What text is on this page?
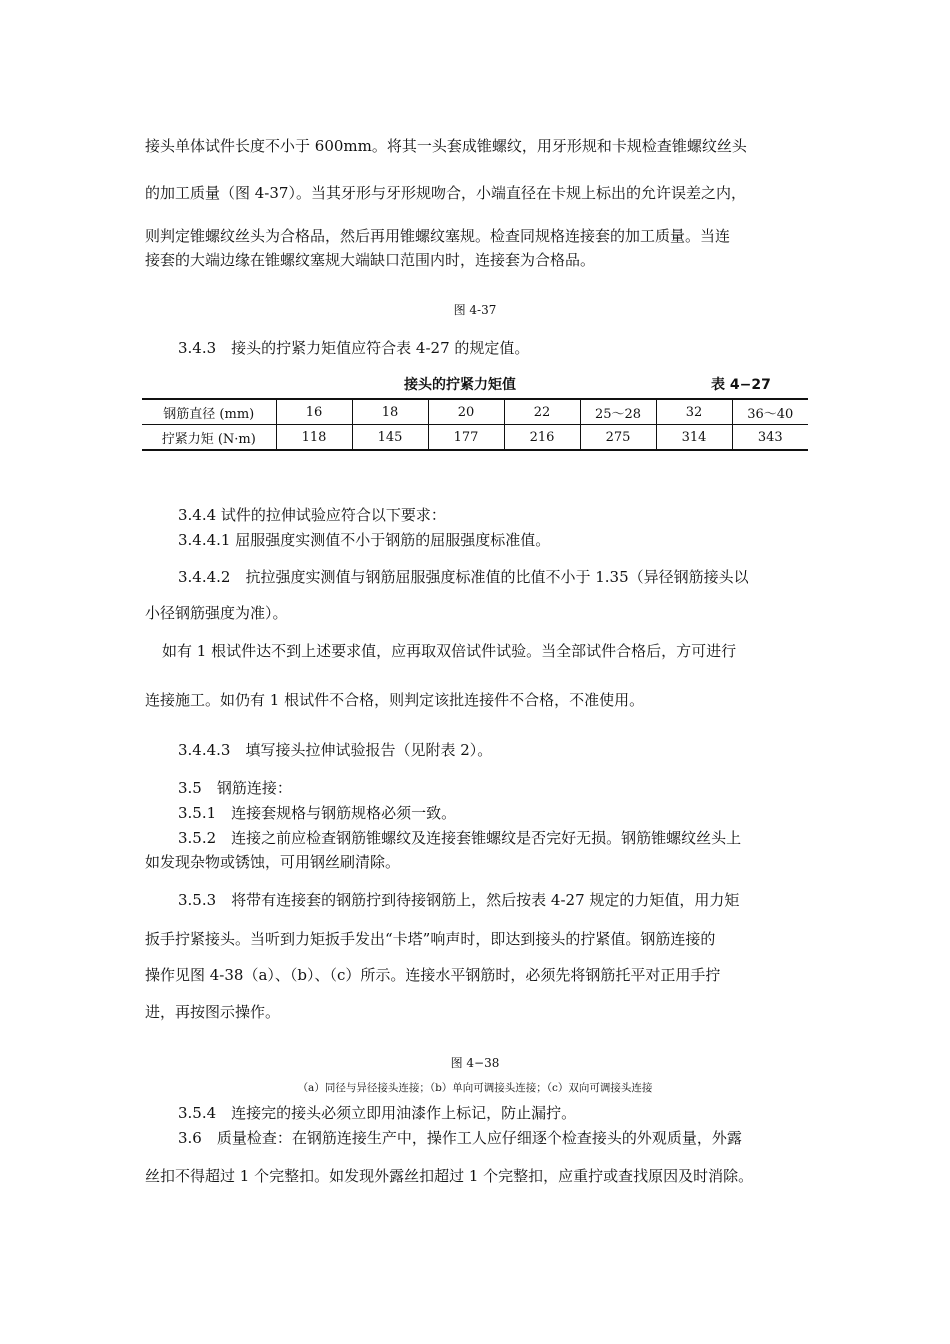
接头单体试件长度不小于 600mm。将其一头套成锥螺纹，用牙形规和卡规检查锥螺纹丝头
的加工质量（图 4-37）。当其牙形与牙形规吻合，小端直径在卡规上标出的允许误差之内，
则判定锥螺纹丝头为合格品，然后再用锥螺纹塞规。检查同规格连接套的加工质量。当连
接套的大端边缘在锥螺纹塞规大端缺口范围内时，连接套为合格品。
图 4-37
3.4.3　接头的拧紧力矩值应符合表 4-27 的规定值。
接头的拧紧力矩值	表 4−27
钢筋直径 (mm)	16	18	20	22	25～28	32	36～40
拧紧力矩 (N·m)	118	145	177	216	275	314	343
3.4.4 试件的拉伸试验应符合以下要求：
3.4.4.1 屈服强度实测值不小于钢筋的屈服强度标准值。
3.4.4.2　抗拉强度实测值与钢筋屈服强度标准值的比值不小于 1.35（异径钢筋接头以
小径钢筋强度为准）。
如有 1 根试件达不到上述要求值，应再取双倍试件试验。当全部试件合格后，方可进行
连接施工。如仍有 1 根试件不合格，则判定该批连接件不合格，不准使用。
3.4.4.3　填写接头拉伸试验报告（见附表 2）。
3.5　钢筋连接：
3.5.1　连接套规格与钢筋规格必须一致。
3.5.2　连接之前应检查钢筋锥螺纹及连接套锥螺纹是否完好无损。钢筋锥螺纹丝头上
如发现杂物或锈蚀，可用钢丝刷清除。
3.5.3　将带有连接套的钢筋拧到待接钢筋上，然后按表 4-27 规定的力矩值，用力矩
扳手拧紧接头。当听到力矩扳手发出“卡塔”响声时，即达到接头的拧紧值。钢筋连接的
操作见图 4-38（a）、（b）、（c）所示。连接水平钢筋时，必须先将钢筋托平对正用手拧
进，再按图示操作。
图 4−38
（a）同径与异径接头连接；（b）单向可调接头连接；（c）双向可调接头连接
3.5.4　连接完的接头必须立即用油漆作上标记，防止漏拧。
3.6　质量检查：在钢筋连接生产中，操作工人应仔细逐个检查接头的外观质量，外露
丝扣不得超过 1 个完整扣。如发现外露丝扣超过 1 个完整扣，应重拧或查找原因及时消除。
